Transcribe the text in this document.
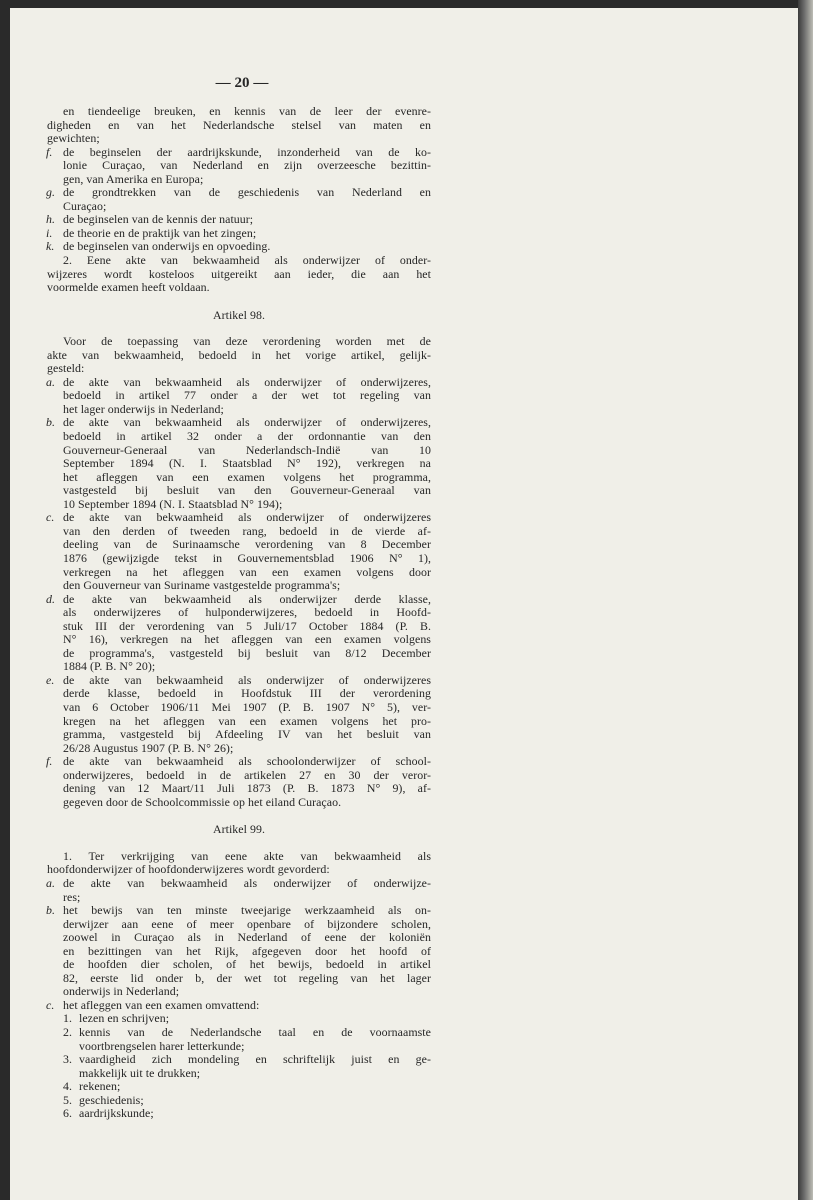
— 20 —
en tiendeelige breuken, en kennis van de leer der evenre-
digheden en van het Nederlandsche stelsel van maten en
gewichten;
f. de beginselen der aardrijkskunde, inzonderheid van de ko-
lonie Curaçao, van Nederland en zijn overzeesche bezittin-
gen, van Amerika en Europa;
g. de grondtrekken van de geschiedenis van Nederland en
Curaçao;
h. de beginselen van de kennis der natuur;
i. de theorie en de praktijk van het zingen;
k. de beginselen van onderwijs en opvoeding.
2. Eene akte van bekwaamheid als onderwijzer of onder-
wijzeres wordt kosteloos uitgereikt aan ieder, die aan het
voormelde examen heeft voldaan.
Artikel 98.
Voor de toepassing van deze verordening worden met de
akte van bekwaamheid, bedoeld in het vorige artikel, gelijk-
gesteld:
a. de akte van bekwaamheid als onderwijzer of onderwijzeres,
bedoeld in artikel 77 onder a der wet tot regeling van
het lager onderwijs in Nederland;
b. de akte van bekwaamheid als onderwijzer of onderwijzeres,
bedoeld in artikel 32 onder a der ordonnantie van den
Gouverneur-Generaal van Nederlandsch-Indië van 10
September 1894 (N. I. Staatsblad N° 192), verkregen na
het afleggen van een examen volgens het programma,
vastgesteld bij besluit van den Gouverneur-Generaal van
10 September 1894 (N. I. Staatsblad N° 194);
c. de akte van bekwaamheid als onderwijzer of onderwijzeres
van den derden of tweeden rang, bedoeld in de vierde af-
deeling van de Surinaamsche verordening van 8 December
1876 (gewijzigde tekst in Gouvernementsblad 1906 N° 1),
verkregen na het afleggen van een examen volgens door
den Gouverneur van Suriname vastgestelde programma's;
d. de akte van bekwaamheid als onderwijzer derde klasse,
als onderwijzeres of hulponderwijzeres, bedoeld in Hoofd-
stuk III der verordening van 5 Juli/17 October 1884 (P. B.
N° 16), verkregen na het afleggen van een examen volgens
de programma's, vastgesteld bij besluit van 8/12 December
1884 (P. B. N° 20);
e. de akte van bekwaamheid als onderwijzer of onderwijzeres
derde klasse, bedoeld in Hoofdstuk III der verordening
van 6 October 1906/11 Mei 1907 (P. B. 1907 N° 5), ver-
kregen na het afleggen van een examen volgens het pro-
gramma, vastgesteld bij Afdeeling IV van het besluit van
26/28 Augustus 1907 (P. B. N° 26);
f. de akte van bekwaamheid als schoolonderwijzer of school-
onderwijzeres, bedoeld in de artikelen 27 en 30 der veror-
dening van 12 Maart/11 Juli 1873 (P. B. 1873 N° 9), af-
gegeven door de Schoolcommissie op het eiland Curaçao.
Artikel 99.
1. Ter verkrijging van eene akte van bekwaamheid als
hoofdonderwijzer of hoofdonderwijzeres wordt gevorderd:
a. de akte van bekwaamheid als onderwijzer of onderwijze-
res;
b. het bewijs van ten minste tweejarige werkzaamheid als on-
derwijzer aan eene of meer openbare of bijzondere scholen,
zoowel in Curaçao als in Nederland of eene der koloniën
en bezittingen van het Rijk, afgegeven door het hoofd of
de hoofden dier scholen, of het bewijs, bedoeld in artikel
82, eerste lid onder b, der wet tot regeling van het lager
onderwijs in Nederland;
c. het afleggen van een examen omvattend:
1. lezen en schrijven;
2. kennis van de Nederlandsche taal en de voornaamste
voortbrengselen harer letterkunde;
3. vaardigheid zich mondeling en schriftelijk juist en ge-
makkelijk uit te drukken;
4. rekenen;
5. geschiedenis;
6. aardrijkskunde;
